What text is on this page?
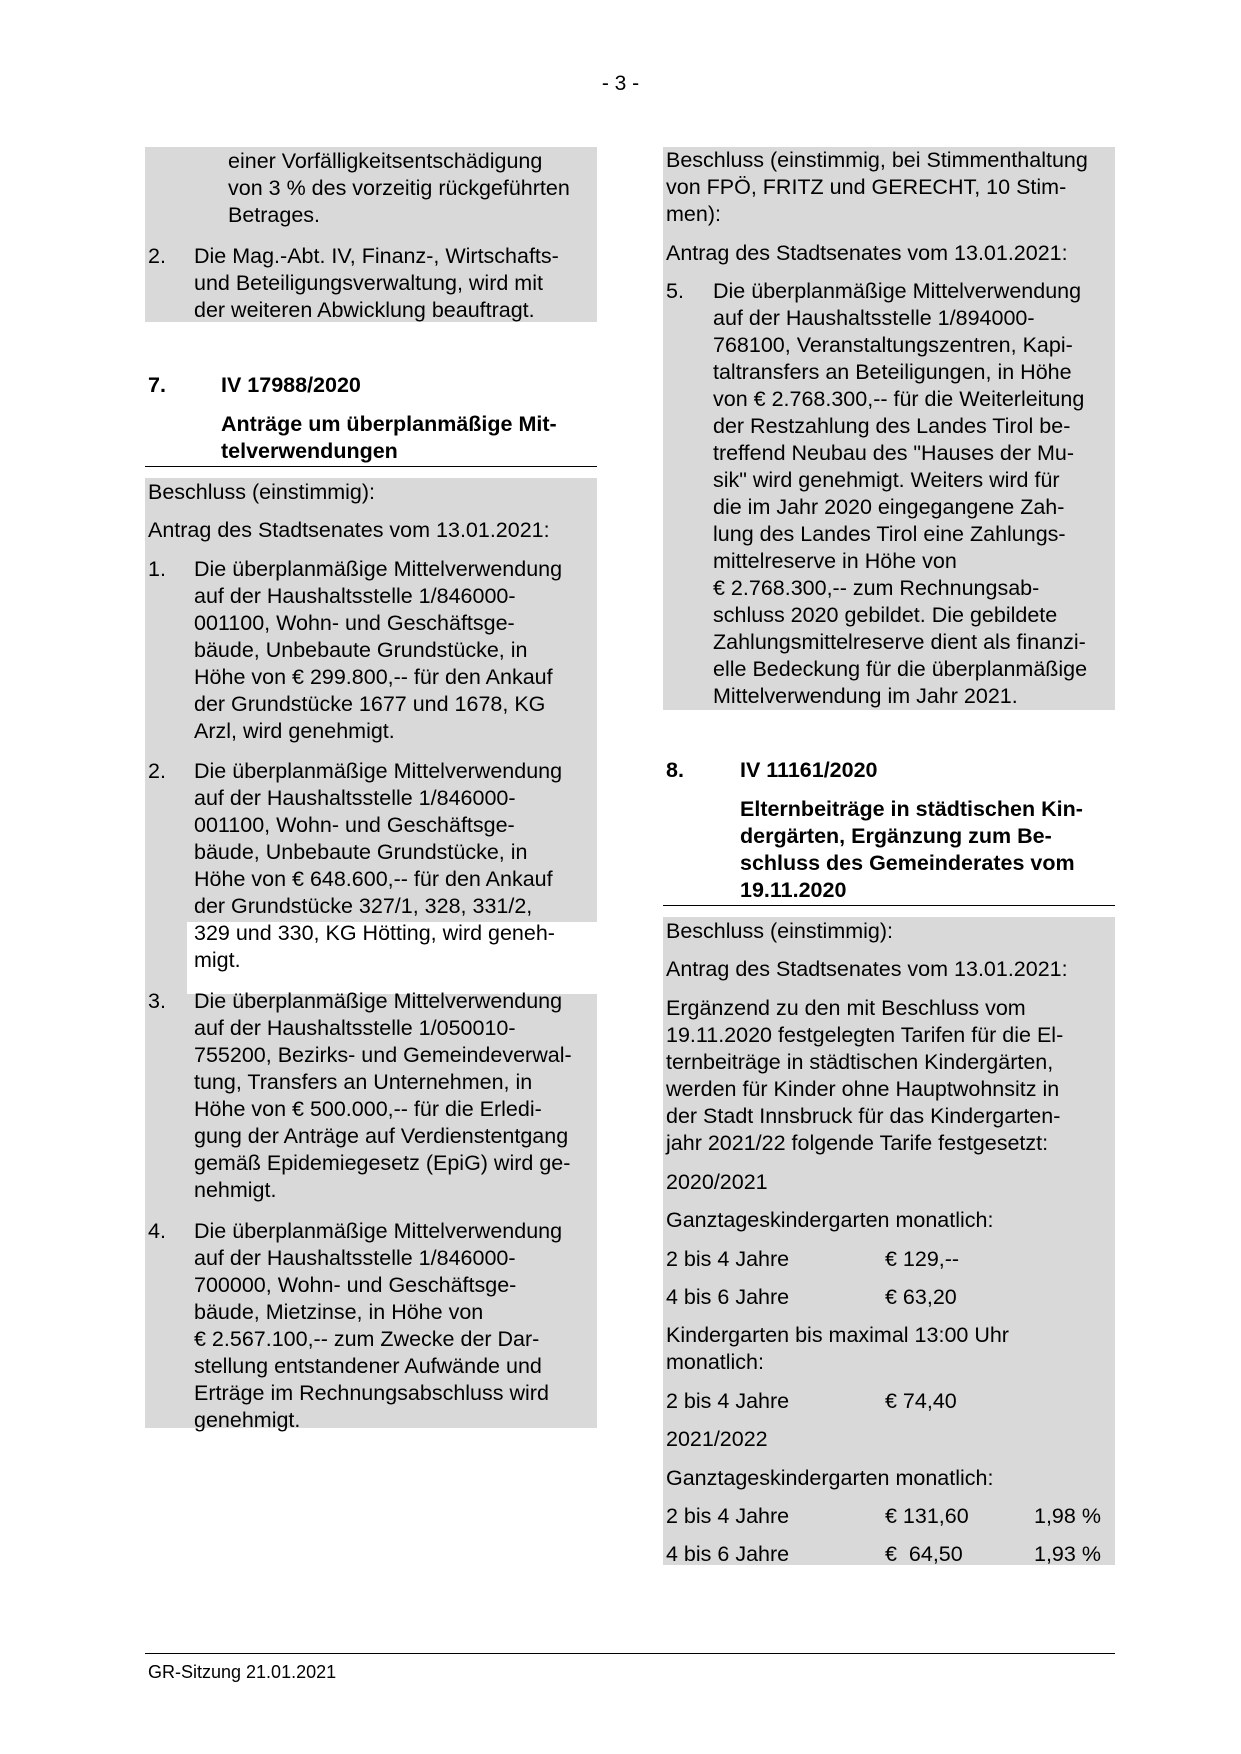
- 3 -
einer Vorfälligkeitsentschädigung
von 3 % des vorzeitig rückgeführten
Betrages.
2. Die Mag.-Abt. IV, Finanz-, Wirtschafts-
und Beteiligungsverwaltung, wird mit
der weiteren Abwicklung beauftragt.
7.	IV 17988/2020
Anträge um überplanmäßige Mit-
telverwendungen
Beschluss (einstimmig):
Antrag des Stadtsenates vom 13.01.2021:
1. Die überplanmäßige Mittelverwendung
auf der Haushaltsstelle 1/846000-
001100, Wohn- und Geschäftsge-
bäude, Unbebaute Grundstücke, in
Höhe von € 299.800,-- für den Ankauf
der Grundstücke 1677 und 1678, KG
Arzl, wird genehmigt.
2. Die überplanmäßige Mittelverwendung
auf der Haushaltsstelle 1/846000-
001100, Wohn- und Geschäftsge-
bäude, Unbebaute Grundstücke, in
Höhe von € 648.600,-- für den Ankauf
der Grundstücke 327/1, 328, 331/2,
329 und 330, KG Hötting, wird geneh-
migt.
3. Die überplanmäßige Mittelverwendung
auf der Haushaltsstelle 1/050010-
755200, Bezirks- und Gemeindeverwal-
tung, Transfers an Unternehmen, in
Höhe von € 500.000,-- für die Erledi-
gung der Anträge auf Verdienstentgang
gemäß Epidemiegesetz (EpiG) wird ge-
nehmigt.
4. Die überplanmäßige Mittelverwendung
auf der Haushaltsstelle 1/846000-
700000, Wohn- und Geschäftsge-
bäude, Mietzinse, in Höhe von
€ 2.567.100,-- zum Zwecke der Dar-
stellung entstandener Aufwände und
Erträge im Rechnungsabschluss wird
genehmigt.
Beschluss (einstimmig, bei Stimmenthaltung
von FPÖ, FRITZ und GERECHT, 10 Stim-
men):
Antrag des Stadtsenates vom 13.01.2021:
5. Die überplanmäßige Mittelverwendung
auf der Haushaltsstelle 1/894000-
768100, Veranstaltungszentren, Kapi-
taltransfers an Beteiligungen, in Höhe
von € 2.768.300,-- für die Weiterleitung
der Restzahlung des Landes Tirol be-
treffend Neubau des "Hauses der Mu-
sik" wird genehmigt. Weiters wird für
die im Jahr 2020 eingegangene Zah-
lung des Landes Tirol eine Zahlungs-
mittelreserve in Höhe von
€ 2.768.300,-- zum Rechnungsab-
schluss 2020 gebildet. Die gebildete
Zahlungsmittelreserve dient als finanzi-
elle Bedeckung für die überplanmäßige
Mittelverwendung im Jahr 2021.
8.	IV 11161/2020
Elternbeiträge in städtischen Kin-
dergärten, Ergänzung zum Be-
schluss des Gemeinderates vom
19.11.2020
Beschluss (einstimmig):
Antrag des Stadtsenates vom 13.01.2021:
Ergänzend zu den mit Beschluss vom
19.11.2020 festgelegten Tarifen für die El-
ternbeiträge in städtischen Kindergärten,
werden für Kinder ohne Hauptwohnsitz in
der Stadt Innsbruck für das Kindergarten-
jahr 2021/22 folgende Tarife festgesetzt:
2020/2021
Ganztageskindergarten monatlich:
2 bis 4 Jahre	€ 129,--
4 bis 6 Jahre	€ 63,20
Kindergarten bis maximal 13:00 Uhr
monatlich:
2 bis 4 Jahre	€ 74,40
2021/2022
Ganztageskindergarten monatlich:
2 bis 4 Jahre	€ 131,60	1,98 %
4 bis 6 Jahre	€  64,50	1,93 %
GR-Sitzung 21.01.2021
